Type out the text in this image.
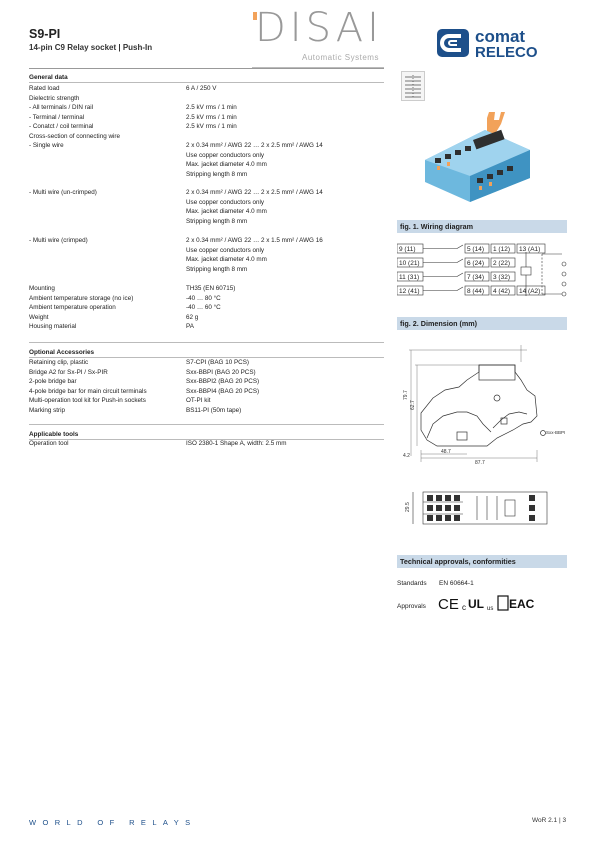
S9-PI
14-pin C9 Relay socket | Push-In	DISAI
Automatic Systems
comat
RELECO
General data
Rated load	6 A / 250 V
Dielectric strength
- All terminals / DIN rail	2.5 kV rms / 1 min
- Terminal / terminal	2.5 kV rms / 1 min
- Conatct / coil terminal	2.5 kV rms / 1 min
Cross-section of connecting wire
- Single wire	2 x 0.34 mm² / AWG 22 … 2 x 2.5 mm² / AWG 14
Use copper conductors only
Max. jacket diameter 4.0 mm
Stripping length 8 mm
- Multi wire (un-crimped)	2 x 0.34 mm² / AWG 22 … 2 x 2.5 mm² / AWG 14
Use copper conductors only
Max. jacket diameter 4.0 mm
Stripping length 8 mm
- Multi wire (crimped)	2 x 0.34 mm² / AWG 22 … 2 x 1.5 mm² / AWG 16
Use copper conductors only
Max. jacket diameter 4.0 mm
Stripping length 8 mm
Mounting	TH35 (EN 60715)
Ambient temperature storage (no ice)	-40 … 80 °C
Ambient temperature operation	-40 … 60 °C
Weight	62 g
Housing material	PA
Optional Accessories
Retaining clip, plastic	S7-CPI (BAG 10 PCS)
Bridge A2 for Sx-PI / Sx-PIR	Sxx-BBPI (BAG 20 PCS)
2-pole bridge bar	Sxx-BBPI2 (BAG 20 PCS)
4-pole bridge bar for main circuit terminals	Sxx-BBPI4 (BAG 20 PCS)
Multi-operation tool kit for Push-in sockets	OT-PI kit
Marking strip	BS11-PI (50m tape)
Applicable tools
Operation tool	ISO 2380-1 Shape A, width: 2.5 mm
fig. 1. Wiring diagram
9 (11)
10 (21)
11 (31)
12 (41)
5 (14) 1 (12)
6 (24) 2 (22)
7 (34) 3 (32)
8 (44) 4 (42)
13 (A1)
14 (A2)
fig. 2. Dimension (mm)
79.7
62.7
48.7
87.7
4.2
Sxx-BBPI
29.5
Technical approvals, conformities
Standards EN 60664-1
Approvals CE c UL us EAC
WORLD OF RELAYS	WoR 2.1 | 3
